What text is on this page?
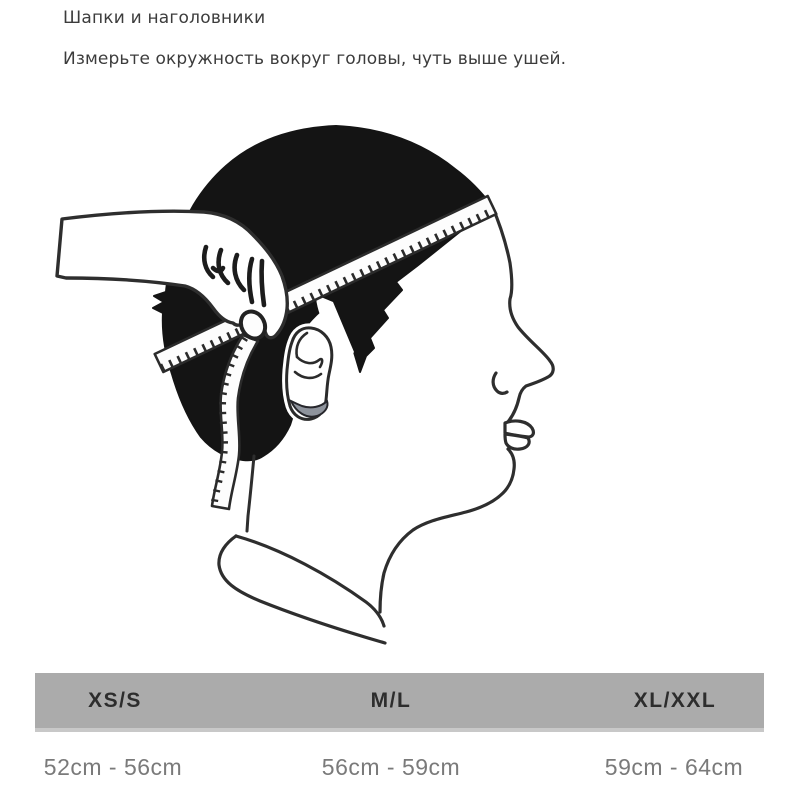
Шапки и наголовники
Измерьте окружность вокруг головы, чуть выше ушей.
XS/S	M/L	XL/XXL
52cm - 56cm	56cm - 59cm	59cm - 64cm
